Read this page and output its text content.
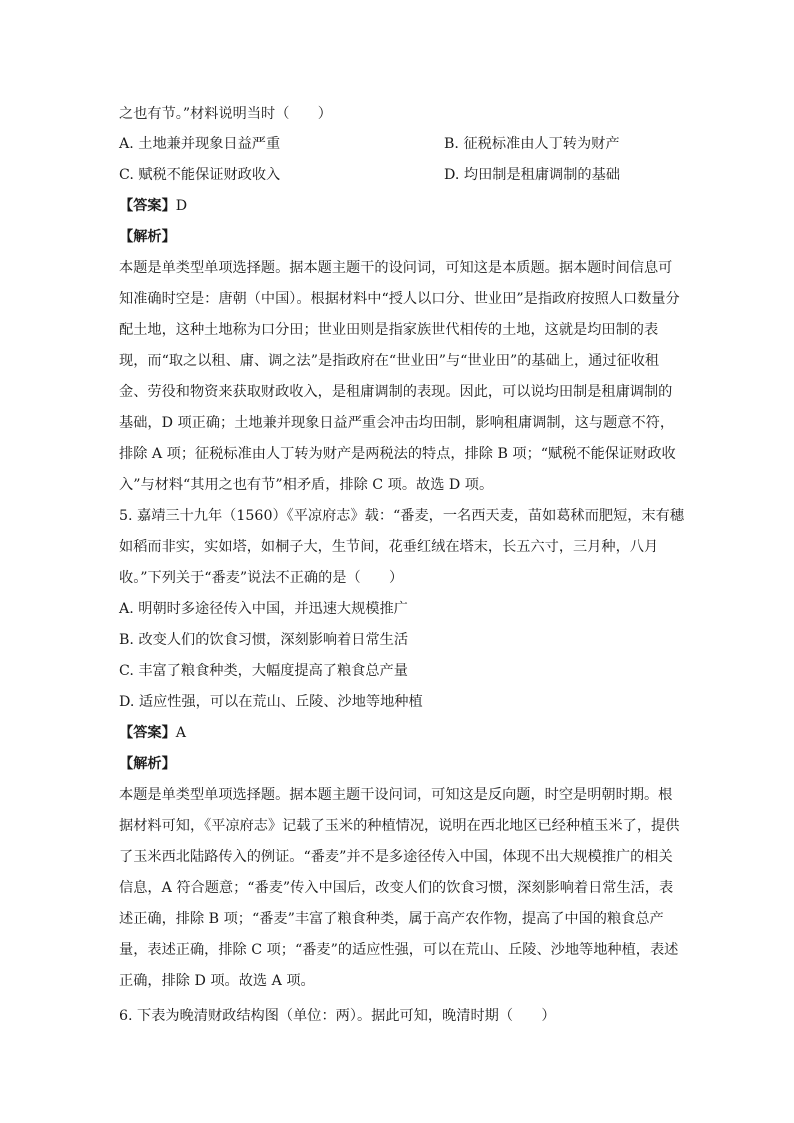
之也有节。”材料说明当时（　　）
A. 土地兼并现象日益严重	B. 征税标准由人丁转为财产
C. 赋税不能保证财政收入	D. 均田制是租庸调制的基础
【答案】D
【解析】
本题是单类型单项选择题。据本题主题干的设问词，可知这是本质题。据本题时间信息可
知准确时空是：唐朝（中国）。根据材料中“授人以口分、世业田”是指政府按照人口数量分
配土地，这种土地称为口分田；世业田则是指家族世代相传的土地，这就是均田制的表
现，而“取之以租、庸、调之法”是指政府在“世业田”与“世业田”的基础上，通过征收租
金、劳役和物资来获取财政收入，是租庸调制的表现。因此，可以说均田制是租庸调制的
基础，D 项正确；土地兼并现象日益严重会冲击均田制，影响租庸调制，这与题意不符，
排除 A 项；征税标准由人丁转为财产是两税法的特点，排除 B 项；“赋税不能保证财政收
入”与材料“其用之也有节”相矛盾，排除 C 项。故选 D 项。
5. 嘉靖三十九年（1560）《平凉府志》载：“番麦，一名西天麦，苗如葛秫而肥短，末有穗
如稻而非实，实如塔，如桐子大，生节间，花垂红绒在塔末，长五六寸，三月种，八月
收。”下列关于“番麦”说法不正确的是（　　）
A. 明朝时多途径传入中国，并迅速大规模推广
B. 改变人们的饮食习惯，深刻影响着日常生活
C. 丰富了粮食种类，大幅度提高了粮食总产量
D. 适应性强，可以在荒山、丘陵、沙地等地种植
【答案】A
【解析】
本题是单类型单项选择题。据本题主题干设问词，可知这是反向题，时空是明朝时期。根
据材料可知，《平凉府志》记载了玉米的种植情况，说明在西北地区已经种植玉米了，提供
了玉米西北陆路传入的例证。“番麦”并不是多途径传入中国，体现不出大规模推广的相关
信息，A 符合题意；“番麦”传入中国后，改变人们的饮食习惯，深刻影响着日常生活，表
述正确，排除 B 项；“番麦”丰富了粮食种类，属于高产农作物，提高了中国的粮食总产
量，表述正确，排除 C 项；“番麦”的适应性强，可以在荒山、丘陵、沙地等地种植，表述
正确，排除 D 项。故选 A 项。
6. 下表为晚清财政结构图（单位：两）。据此可知，晚清时期（　　）
